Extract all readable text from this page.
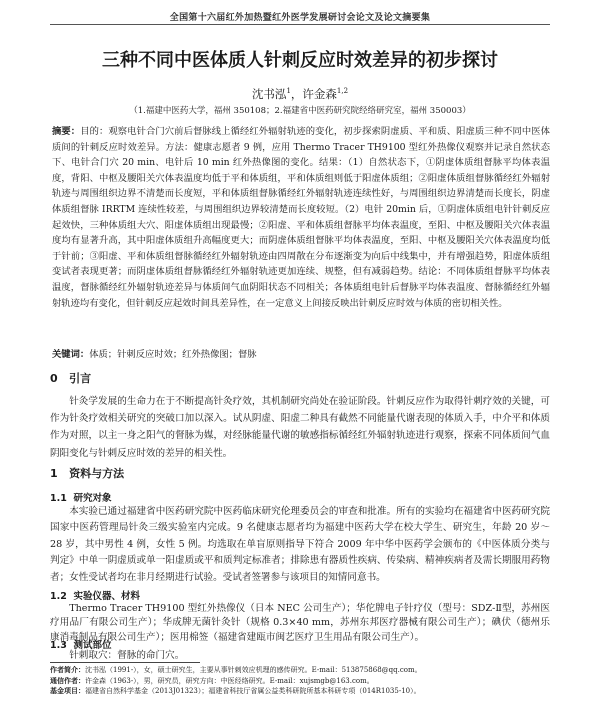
全国第十六届红外加热暨红外医学发展研讨会论文及论文摘要集
三种不同中医体质人针刺反应时效差异的初步探讨
沈书泓$^1$，许金森$^{1,2}$
（1.福建中医药大学，福州 350108；2.福建省中医药研究院经络研究室，福州 350003）
摘要：目的：观察电针合门穴前后督脉线上循经红外辐射轨迹的变化，初步探索阴虚质、平和质、阳虚质三种不同中医体质间的针刺反应时效差异。方法：健康志愿者 9 例，应用 Thermo Tracer TH9100 型红外热像仪观察并记录自然状态下、电针合门穴 20 min、电针后 10 min 红外热像图的变化。结果：（1）自然状态下，①阴虚体质组督脉平均体表温度，背阳、中枢及腰阳关穴体表温度均低于平和体质组，平和体质组则低于阳虚体质组；②阳虚体质组督脉循经红外辐射轨迹与周围组织边界不清楚而长度短，平和体质组督脉循经红外辐射轨迹连续性好，与周围组织边界清楚而长度长，阴虚体质组督脉 IRRTM 连续性较差，与周围组织边界较清楚而长度较短。（2）电针 20min 后，①阴虚体质组电针针刺反应起效快，三种体质组大穴、阳虚体质组出现最慢；②阳虚、平和体质组督脉平均体表温度，至阳、中枢及腰阳关穴体表温度均有显著升高，其中阳虚体质组升高幅度更大；而阴虚体质组督脉平均体表温度，至阳、中枢及腰阳关穴体表温度均低于针前；③阳虚、平和体质组督脉循经红外辐射轨迹由四周散在分布逐渐变为向后中线集中，并有增强趋势，阳虚体质组变试者表现更著；而阴虚体质组督脉循经红外辐射轨迹更加连续、规整，但有减弱趋势。结论：不同体质组督脉平均体表温度，督脉循经红外辐射轨迹差异与体质间气血阴阳状态不同相关；各体质组电针后督脉平均体表温度、督脉循经红外辐射轨迹均有变化，但针刺反应起效时间具差异性，在一定意义上间接反映出针刺反应时效与体质的密切相关性。
关键词：体质；针刺反应时效；红外热像图；督脉
0 引言
针灸学发展的生命力在于不断提高针灸疗效，其机制研究尚处在验证阶段。针刺反应作为取得针刺疗效的关键，可作为针灸疗效相关研究的突破口加以深入。试从阴虚、阳虚二种具有截然不同能量代谢表现的体质入手，中介平和体质作为对照，以主一身之阳气的督脉为媒，对经脉能量代谢的敏感指标循经红外辐射轨迹进行观察，探索不同体质间气血阴阳变化与针刺反应时效的差异的相关性。
1 资料与方法
1.1 研究对象
本实验已通过福建省中医药研究院中医药临床研究伦理委员会的审查和批准。所有的实验均在福建省中医药研究院国家中医药管理局针灸三级实验室内完成。9 名健康志愿者均为福建中医药大学在校大学生、研究生，年龄 20 岁～28 岁，其中男性 4 例，女性 5 例。均选取在单盲原则指导下符合 2009 年中华中医药学会颁布的《中医体质分类与判定》中单一阴虚质或单一阳虚质或平和质判定标准者；排除患有器质性疾病、传染病、精神疾病者及需长期服用药物者；女性受试者均在非月经期进行试验。受试者签署参与该项目的知情同意书。
1.2 实验仪器、材料
Thermo Tracer TH9100 型红外热像仪（日本 NEC 公司生产）；华佗牌电子针疗仪（型号：SDZ-Ⅱ型，苏州医疗用品厂有限公司生产）；华成牌无菌针灸针（规格 0.3×40 mm，苏州东邦医疗器械有限公司生产）；碘伏（德州乐康消毒制品有限公司生产）；医用棉签（福建省建瓯市闽艺医疗卫生用品有限公司生产）。
1.3 测试部位
针刺取穴：督脉的命门穴。
作者简介：沈书泓（1991-），女，硕士研究生，主要从事针刺效应机理的感传研究。E-mail：513875868@qq.com。
通信作者：许金森（1963-），男，研究员，研究方向：中医经络研究。E-mail：xujsmgb@163.com。
基金项目：福建省自然科学基金（2013J01323）；福建省科技厅省属公益类科研院所基本科研专项（014R1035-10）。
